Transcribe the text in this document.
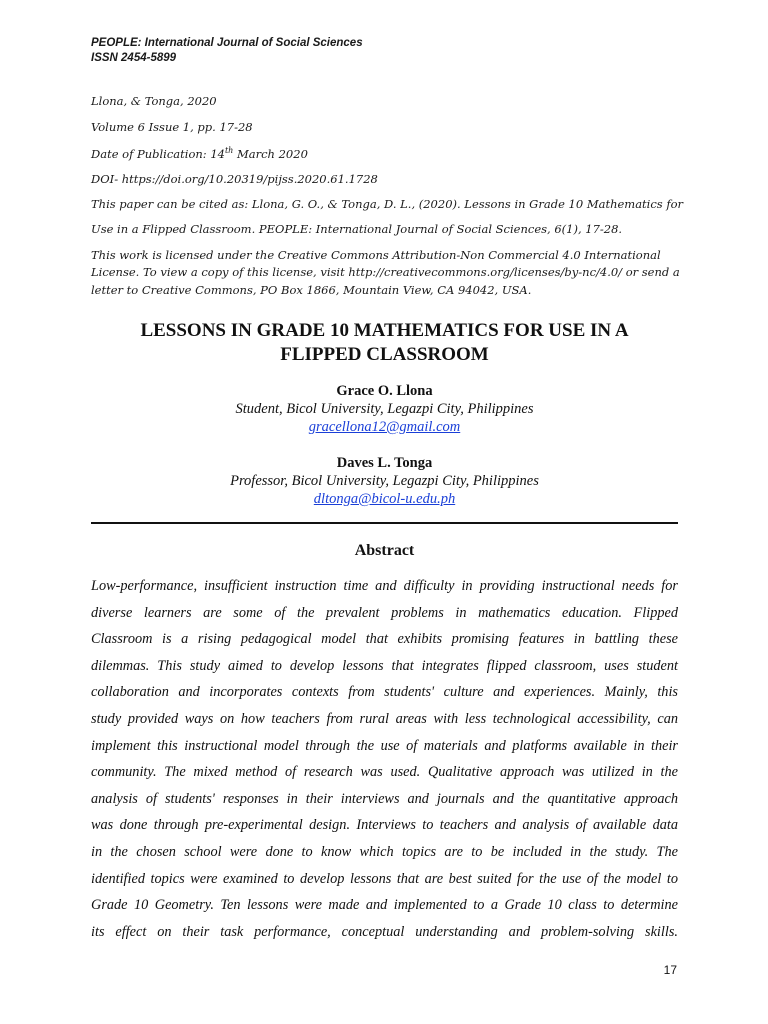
PEOPLE: International Journal of Social Sciences
ISSN 2454-5899
Llona, & Tonga, 2020
Volume 6 Issue 1, pp. 17-28
Date of Publication: 14th March 2020
DOI- https://doi.org/10.20319/pijss.2020.61.1728
This paper can be cited as: Llona, G. O., & Tonga, D. L., (2020). Lessons in Grade 10 Mathematics for
Use in a Flipped Classroom. PEOPLE: International Journal of Social Sciences, 6(1), 17-28.
This work is licensed under the Creative Commons Attribution-Non Commercial 4.0 International
License. To view a copy of this license, visit http://creativecommons.org/licenses/by-nc/4.0/ or send a
letter to Creative Commons, PO Box 1866, Mountain View, CA 94042, USA.
LESSONS IN GRADE 10 MATHEMATICS FOR USE IN A
FLIPPED CLASSROOM
Grace O. Llona
Student, Bicol University, Legazpi City, Philippines
gracellona12@gmail.com
Daves L. Tonga
Professor, Bicol University, Legazpi City, Philippines
dltonga@bicol-u.edu.ph
Abstract
Low-performance, insufficient instruction time and difficulty in providing instructional needs for
diverse learners are some of the prevalent problems in mathematics education. Flipped
Classroom is a rising pedagogical model that exhibits promising features in battling these
dilemmas. This study aimed to develop lessons that integrates flipped classroom, uses student
collaboration and incorporates contexts from students' culture and experiences. Mainly, this
study provided ways on how teachers from rural areas with less technological accessibility, can
implement this instructional model through the use of materials and platforms available in their
community. The mixed method of research was used. Qualitative approach was utilized in the
analysis of students' responses in their interviews and journals and the quantitative approach
was done through pre-experimental design. Interviews to teachers and analysis of available data
in the chosen school were done to know which topics are to be included in the study. The
identified topics were examined to develop lessons that are best suited for the use of the model to
Grade 10 Geometry. Ten lessons were made and implemented to a Grade 10 class to determine
its effect on their task performance, conceptual understanding and problem-solving skills.
17
